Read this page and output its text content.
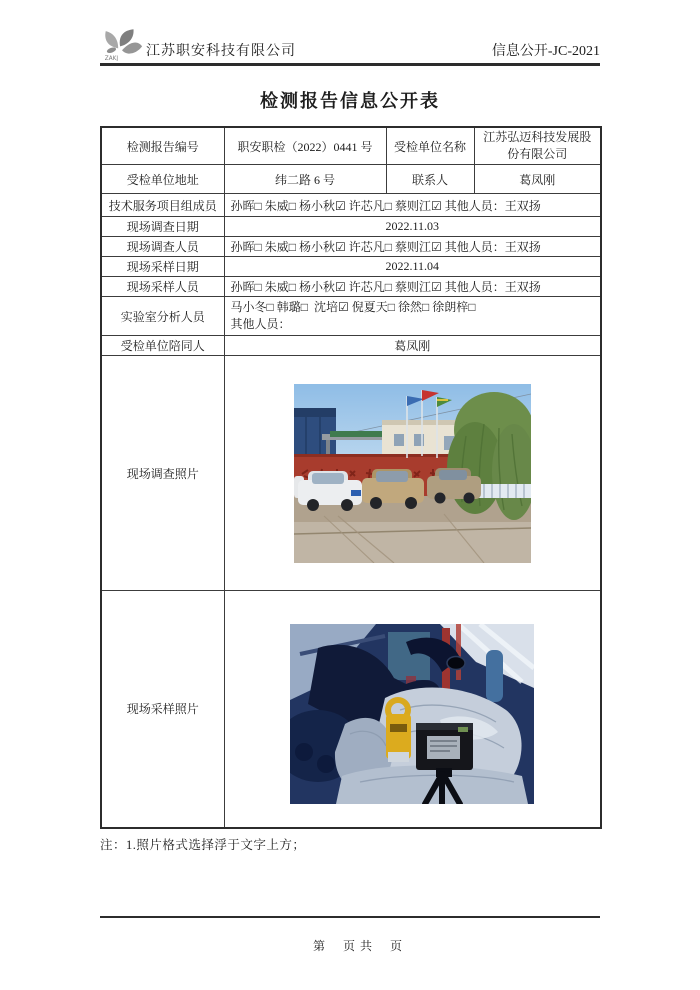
ZAKJ 江苏职安科技有限公司	信息公开-JC-2021
检测报告信息公开表
检测报告编号	职安职检（2022）0441 号	受检单位名称	江苏弘迈科技发展股份有限公司
受检单位地址	纬二路 6 号	联系人	葛凤刚
技术服务项目组成员	孙晖□ 朱威□ 杨小秋☑ 许芯凡□ 蔡则江☑ 其他人员：王双扬		
现场调查日期	2022.11.03		
现场调查人员	孙晖□ 朱威□ 杨小秋☑ 许芯凡□ 蔡则江☑ 其他人员：王双扬		
现场采样日期	2022.11.04		
现场采样人员	孙晖□ 朱威□ 杨小秋☑ 许芯凡□ 蔡则江☑ 其他人员：王双扬		
实验室分析人员	马小冬□ 韩璐□  沈培☑ 倪夏天□ 徐然□ 徐朗梓□
其他人员：		

受检单位陪同人	葛凤刚		
现场调查照片	

现场采样照片	
注：1.照片格式选择浮于文字上方；

第　 页 共 　页
